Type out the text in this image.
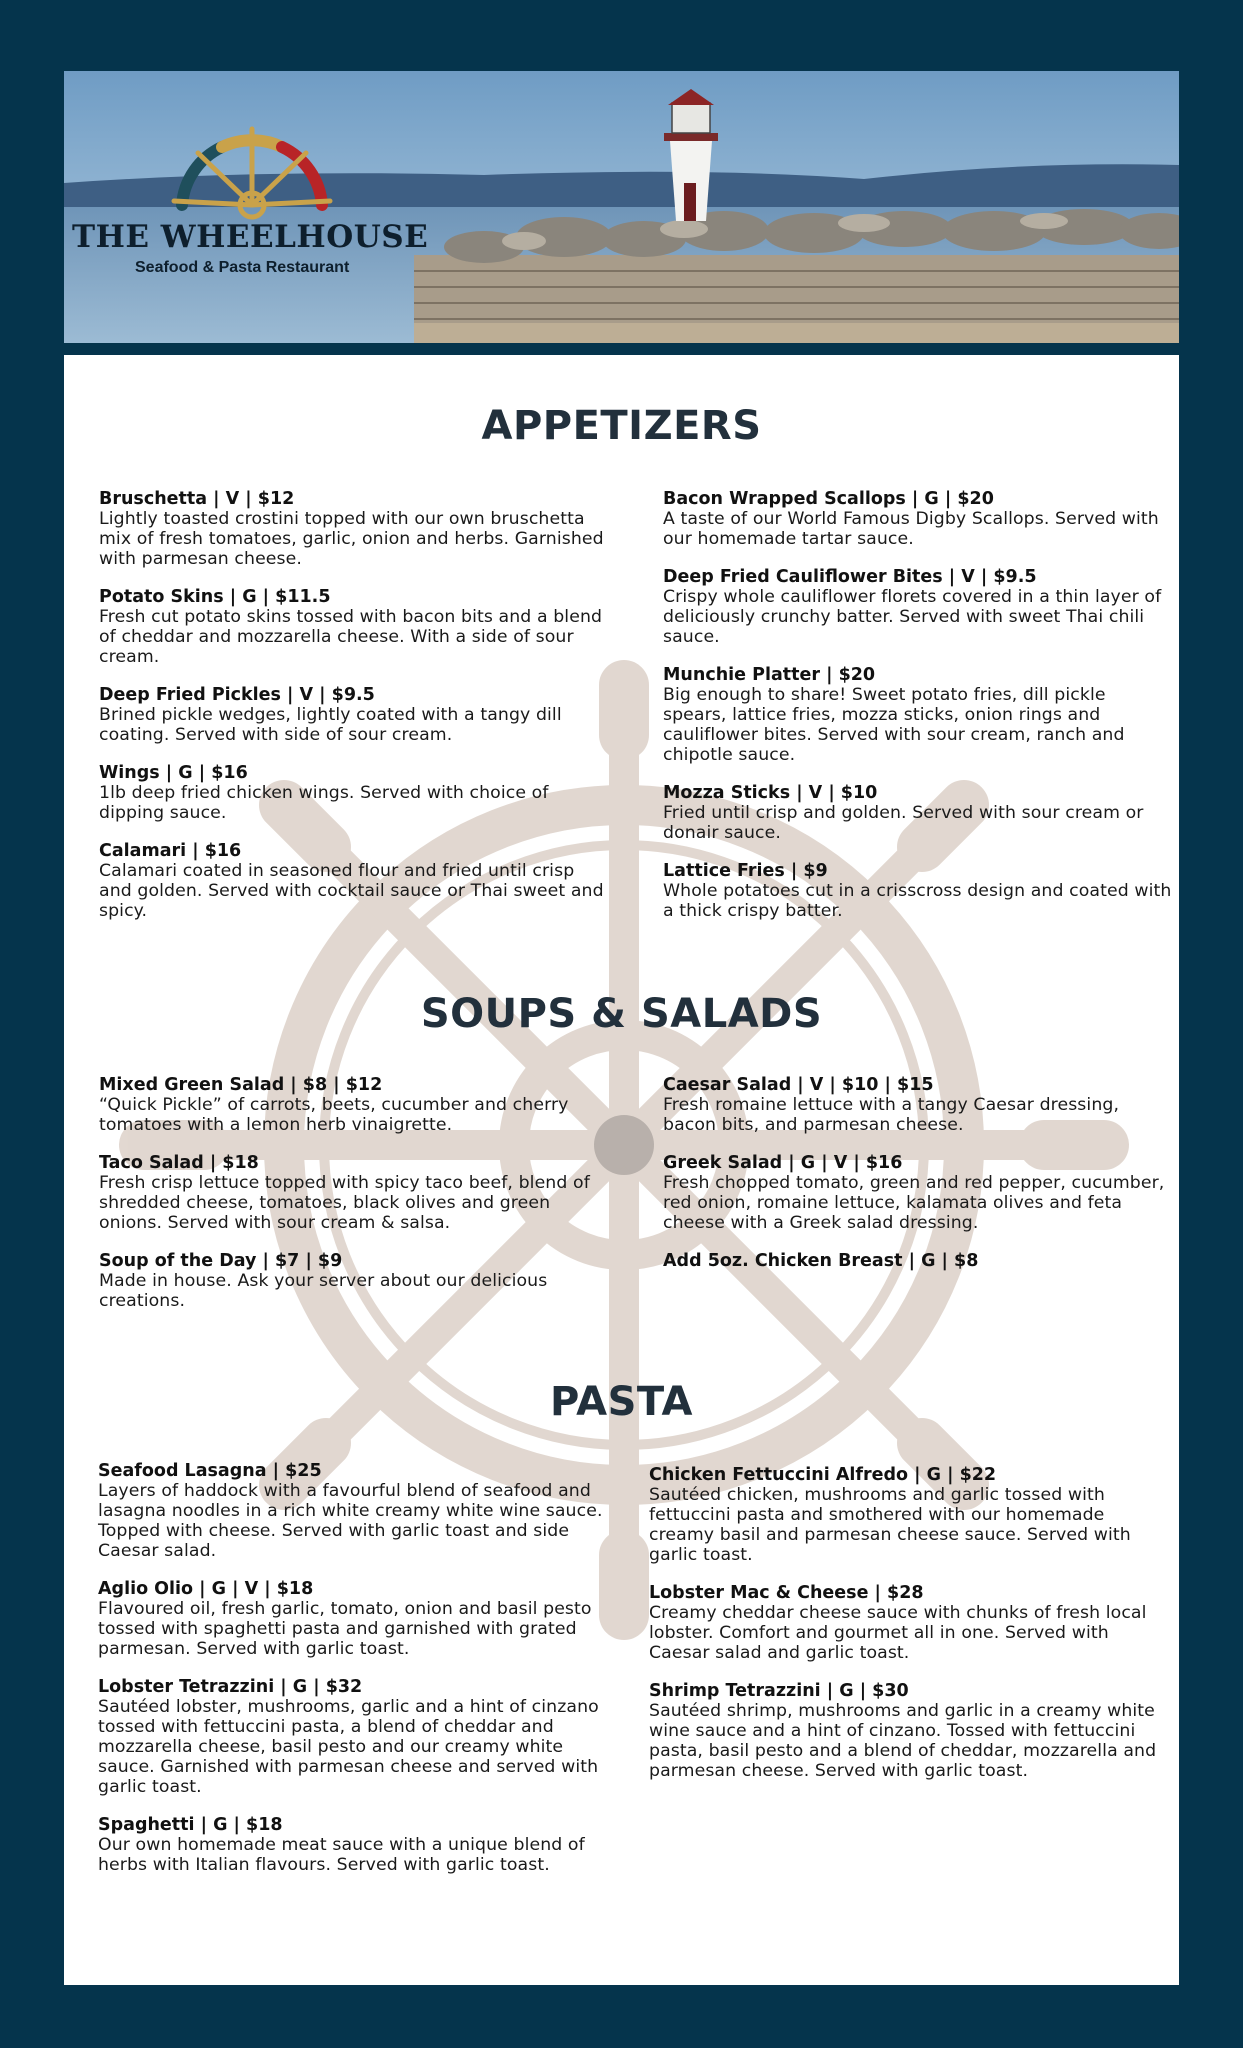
THE WHEELHOUSE
Seafood & Pasta Restaurant
APPETIZERS
Bruschetta | V | $12
Lightly toasted crostini topped with our own bruschetta mix of fresh tomatoes, garlic, onion and herbs. Garnished with parmesan cheese.
Potato Skins | G | $11.5
Fresh cut potato skins tossed with bacon bits and a blend of cheddar and mozzarella cheese. With a side of sour cream.
Deep Fried Pickles | V | $9.5
Brined pickle wedges, lightly coated with a tangy dill coating. Served with side of sour cream.
Wings | G | $16
1lb deep fried chicken wings. Served with choice of dipping sauce.
Calamari | $16
Calamari coated in seasoned flour and fried until crisp and golden. Served with cocktail sauce or Thai sweet and spicy.
Bacon Wrapped Scallops | G | $20
A taste of our World Famous Digby Scallops. Served with our homemade tartar sauce.
Deep Fried Cauliflower Bites | V | $9.5
Crispy whole cauliflower florets covered in a thin layer of deliciously crunchy batter. Served with sweet Thai chili sauce.
Munchie Platter | $20
Big enough to share! Sweet potato fries, dill pickle spears, lattice fries, mozza sticks, onion rings and cauliflower bites. Served with sour cream, ranch and chipotle sauce.
Mozza Sticks | V | $10
Fried until crisp and golden. Served with sour cream or donair sauce.
Lattice Fries | $9
Whole potatoes cut in a crisscross design and coated with a thick crispy batter.
SOUPS & SALADS
Mixed Green Salad | $8 | $12
“Quick Pickle” of carrots, beets, cucumber and cherry tomatoes with a lemon herb vinaigrette.
Taco Salad | $18
Fresh crisp lettuce topped with spicy taco beef, blend of shredded cheese, tomatoes, black olives and green onions. Served with sour cream & salsa.
Soup of the Day | $7 | $9
Made in house. Ask your server about our delicious creations.
Caesar Salad | V | $10 | $15
Fresh romaine lettuce with a tangy Caesar dressing, bacon bits, and parmesan cheese.
Greek Salad | G | V | $16
Fresh chopped tomato, green and red pepper, cucumber, red onion, romaine lettuce, kalamata olives and feta cheese with a Greek salad dressing.
Add 5oz. Chicken Breast | G | $8
PASTA
Seafood Lasagna | $25
Layers of haddock with a favourful blend of seafood and lasagna noodles in a rich white creamy white wine sauce. Topped with cheese. Served with garlic toast and side Caesar salad.
Aglio Olio | G | V | $18
Flavoured oil, fresh garlic, tomato, onion and basil pesto tossed with spaghetti pasta and garnished with grated parmesan. Served with garlic toast.
Lobster Tetrazzini | G | $32
Sautéed lobster, mushrooms, garlic and a hint of cinzano tossed with fettuccini pasta, a blend of cheddar and mozzarella cheese, basil pesto and our creamy white sauce. Garnished with parmesan cheese and served with garlic toast.
Spaghetti | G | $18
Our own homemade meat sauce with a unique blend of herbs with Italian flavours. Served with garlic toast.
Chicken Fettuccini Alfredo | G | $22
Sautéed chicken, mushrooms and garlic tossed with fettuccini pasta and smothered with our homemade creamy basil and parmesan cheese sauce. Served with garlic toast.
Lobster Mac & Cheese | $28
Creamy cheddar cheese sauce with chunks of fresh local lobster. Comfort and gourmet all in one. Served with Caesar salad and garlic toast.
Shrimp Tetrazzini | G | $30
Sautéed shrimp, mushrooms and garlic in a creamy white wine sauce and a hint of cinzano. Tossed with fettuccini pasta, basil pesto and a blend of cheddar, mozzarella and parmesan cheese. Served with garlic toast.
